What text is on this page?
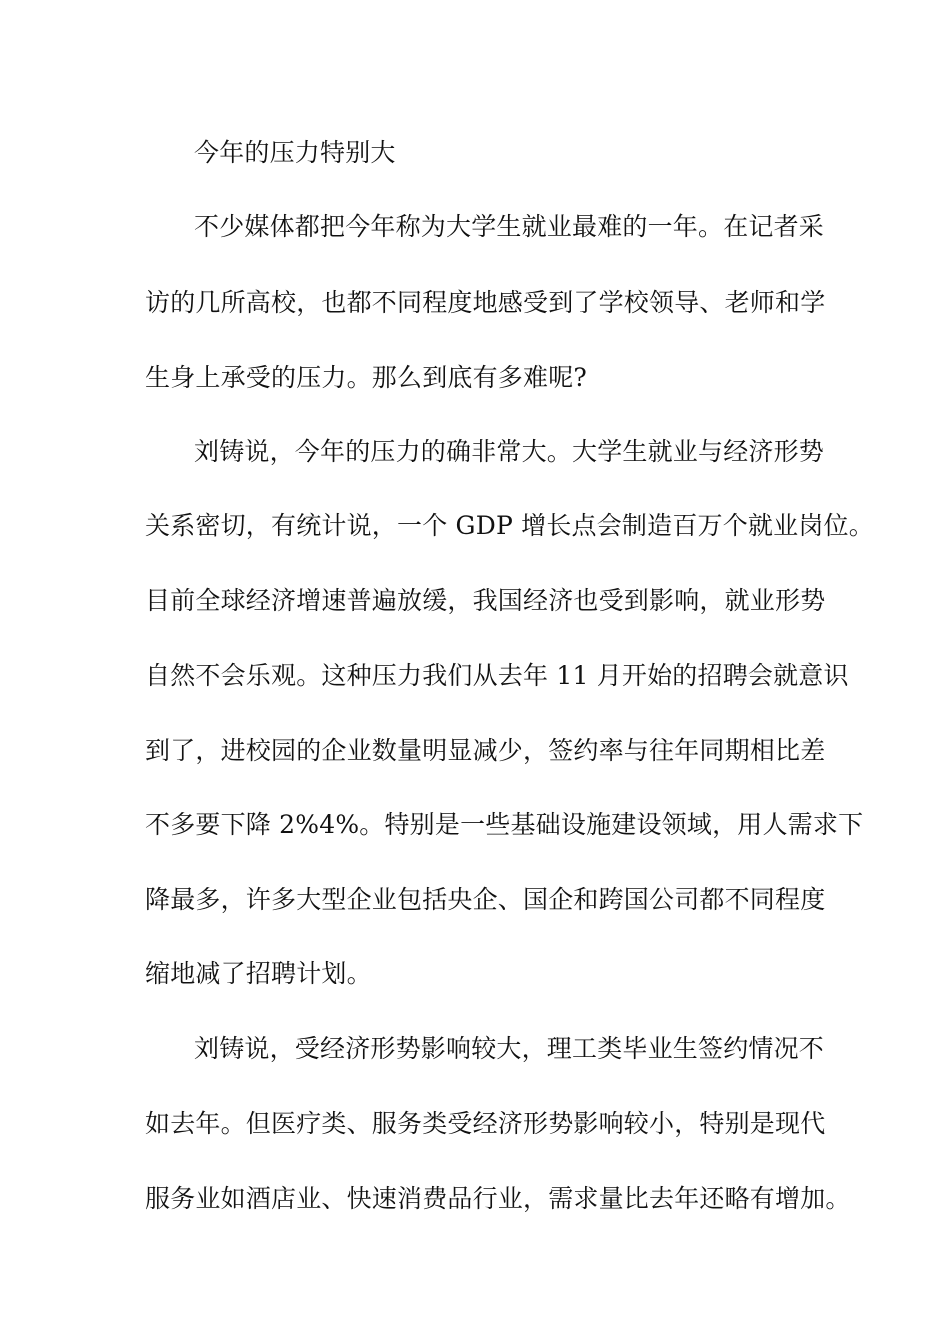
今年的压力特别大
不少媒体都把今年称为大学生就业最难的一年。在记者采
访的几所高校，也都不同程度地感受到了学校领导、老师和学
生身上承受的压力。那么到底有多难呢?
刘铸说，今年的压力的确非常大。大学生就业与经济形势
关系密切，有统计说，一个 GDP 增长点会制造百万个就业岗位。
目前全球经济增速普遍放缓，我国经济也受到影响，就业形势
自然不会乐观。这种压力我们从去年 11 月开始的招聘会就意识
到了，进校园的企业数量明显减少，签约率与往年同期相比差
不多要下降 2%4%。特别是一些基础设施建设领域，用人需求下
降最多，许多大型企业包括央企、国企和跨国公司都不同程度
缩地减了招聘计划。
刘铸说，受经济形势影响较大，理工类毕业生签约情况不
如去年。但医疗类、服务类受经济形势影响较小，特别是现代
服务业如酒店业、快速消费品行业，需求量比去年还略有增加。
